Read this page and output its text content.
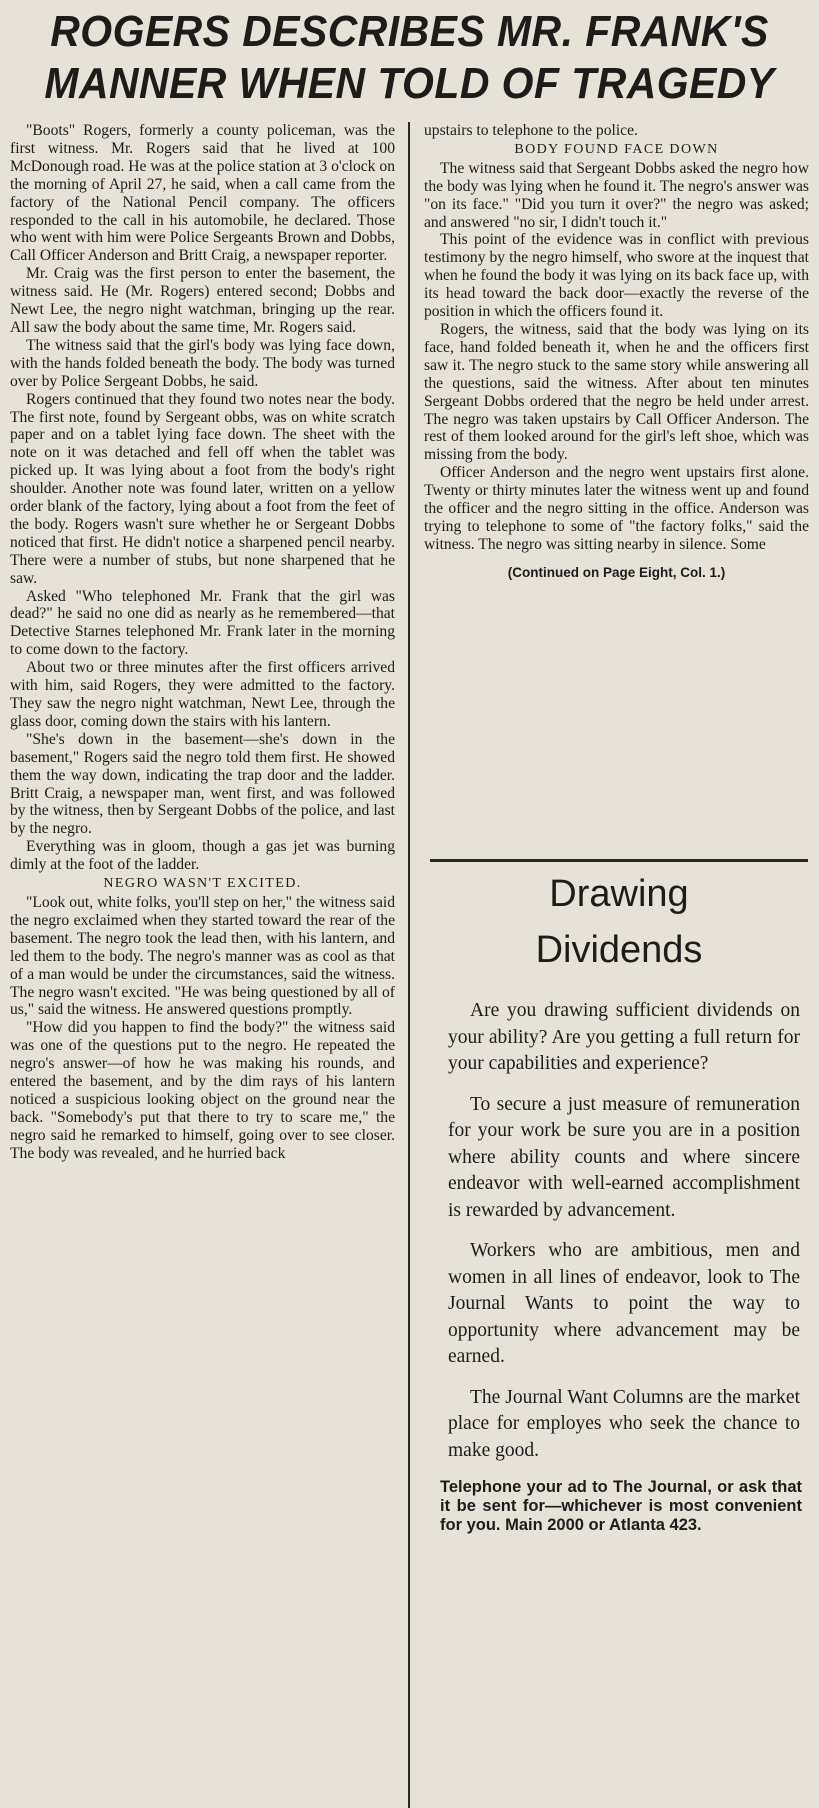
ROGERS DESCRIBES MR. FRANK'S
MANNER WHEN TOLD OF TRAGEDY

"Boots" Rogers, formerly a county policeman, was the first witness. Mr. Rogers said that he lived at 100 McDonough road. He was at the police station at 3 o'clock on the morning of April 27, he said, when a call came from the factory of the National Pencil company. The officers responded to the call in his automobile, he declared. Those who went with him were Police Sergeants Brown and Dobbs, Call Officer Anderson and Britt Craig, a newspaper reporter.

Mr. Craig was the first person to enter the basement, the witness said. He (Mr. Rogers) entered second; Dobbs and Newt Lee, the negro night watchman, bringing up the rear. All saw the body about the same time, Mr. Rogers said.

The witness said that the girl's body was lying face down, with the hands folded beneath the body. The body was turned over by Police Sergeant Dobbs, he said.

Rogers continued that they found two notes near the body. The first note, found by Sergeant obbs, was on white scratch paper and on a tablet lying face down. The sheet with the note on it was detached and fell off when the tablet was picked up. It was lying about a foot from the body's right shoulder. Another note was found later, written on a yellow order blank of the factory, lying about a foot from the feet of the body. Rogers wasn't sure whether he or Sergeant Dobbs noticed that first. He didn't notice a sharpened pencil nearby. There were a number of stubs, but none sharpened that he saw.

Asked "Who telephoned Mr. Frank that the girl was dead?" he said no one did as nearly as he remembered—that Detective Starnes telephoned Mr. Frank later in the morning to come down to the factory.

About two or three minutes after the first officers arrived with him, said Rogers, they were admitted to the factory. They saw the negro night watchman, Newt Lee, through the glass door, coming down the stairs with his lantern.

"She's down in the basement—she's down in the basement," Rogers said the negro told them first. He showed them the way down, indicating the trap door and the ladder. Britt Craig, a newspaper man, went first, and was followed by the witness, then by Sergeant Dobbs of the police, and last by the negro.

Everything was in gloom, though a gas jet was burning dimly at the foot of the ladder.

NEGRO WASN'T EXCITED.

"Look out, white folks, you'll step on her," the witness said the negro exclaimed when they started toward the rear of the basement. The negro took the lead then, with his lantern, and led them to the body. The negro's manner was as cool as that of a man would be under the circumstances, said the witness. The negro wasn't excited. "He was being questioned by all of us," said the witness. He answered questions promptly.

"How did you happen to find the body?" the witness said was one of the questions put to the negro. He repeated the negro's answer—of how he was making his rounds, and entered the basement, and by the dim rays of his lantern noticed a suspicious looking object on the ground near the back. "Somebody's put that there to try to scare me," the negro said he remarked to himself, going over to see closer. The body was revealed, and he hurried back

upstairs to telephone to the police.

BODY FOUND FACE DOWN

The witness said that Sergeant Dobbs asked the negro how the body was lying when he found it. The negro's answer was "on its face." "Did you turn it over?" the negro was asked; and answered "no sir, I didn't touch it."

This point of the evidence was in conflict with previous testimony by the negro himself, who swore at the inquest that when he found the body it was lying on its back face up, with its head toward the back door—exactly the reverse of the position in which the officers found it.

Rogers, the witness, said that the body was lying on its face, hand folded beneath it, when he and the officers first saw it. The negro stuck to the same story while answering all the questions, said the witness. After about ten minutes Sergeant Dobbs ordered that the negro be held under arrest. The negro was taken upstairs by Call Officer Anderson. The rest of them looked around for the girl's left shoe, which was missing from the body.

Officer Anderson and the negro went upstairs first alone. Twenty or thirty minutes later the witness went up and found the officer and the negro sitting in the office. Anderson was trying to telephone to some of "the factory folks," said the witness. The negro was sitting nearby in silence. Some

(Continued on Page Eight, Col. 1.)
Drawing
Dividends

Are you drawing sufficient dividends on your ability? Are you getting a full return for your capabilities and experience?

To secure a just measure of remuneration for your work be sure you are in a position where ability counts and where sincere endeavor with well-earned accomplishment is rewarded by advancement.

Workers who are ambitious, men and women in all lines of endeavor, look to The Journal Wants to point the way to opportunity where advancement may be earned.

The Journal Want Columns are the market place for employes who seek the chance to make good.

Telephone your ad to The Journal, or ask that it be sent for—whichever is most convenient for you. Main 2000 or Atlanta 423.
